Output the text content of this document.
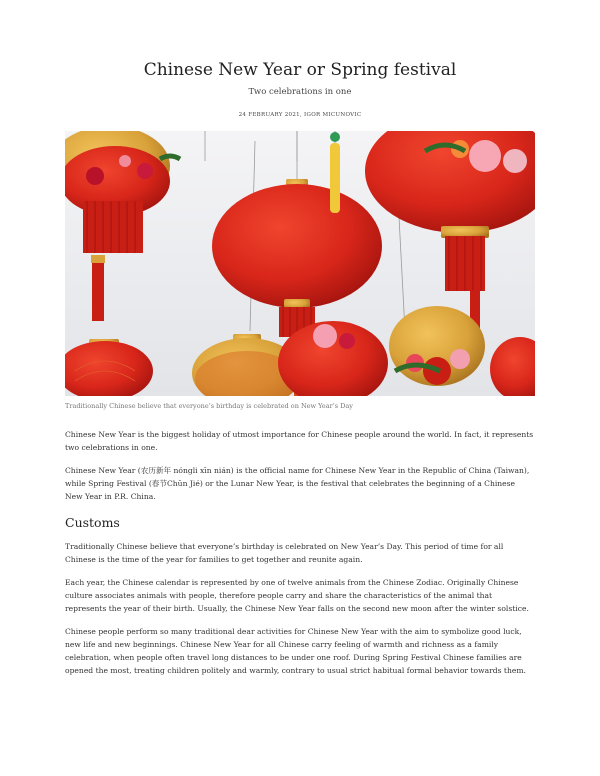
Chinese New Year or Spring festival

Two celebrations in one

24 FEBRUARY 2021, IGOR MICUNOVIC

Traditionally Chinese believe that everyone’s birthday is celebrated on New Year’s Day

Chinese New Year is the biggest holiday of utmost importance for Chinese people around the world. In fact, it represents two celebrations in one.

Chinese New Year (农历新年 nóngli xīn nián) is the official name for Chinese New Year in the Republic of China (Taiwan), while Spring Festival (春节Chūn Jié) or the Lunar New Year, is the festival that celebrates the beginning of a Chinese New Year in P.R. China.

Customs

Traditionally Chinese believe that everyone’s birthday is celebrated on New Year’s Day. This period of time for all Chinese is the time of the year for families to get together and reunite again.

Each year, the Chinese calendar is represented by one of twelve animals from the Chinese Zodiac. Originally Chinese culture associates animals with people, therefore people carry and share the characteristics of the animal that represents the year of their birth. Usually, the Chinese New Year falls on the second new moon after the winter solstice.

Chinese people perform so many traditional dear activities for Chinese New Year with the aim to symbolize good luck, new life and new beginnings. Chinese New Year for all Chinese carry feeling of warmth and richness as a family celebration, when people often travel long distances to be under one roof. During Spring Festival Chinese families are opened the most, treating children politely and warmly, contrary to usual strict habitual formal behavior towards them.
